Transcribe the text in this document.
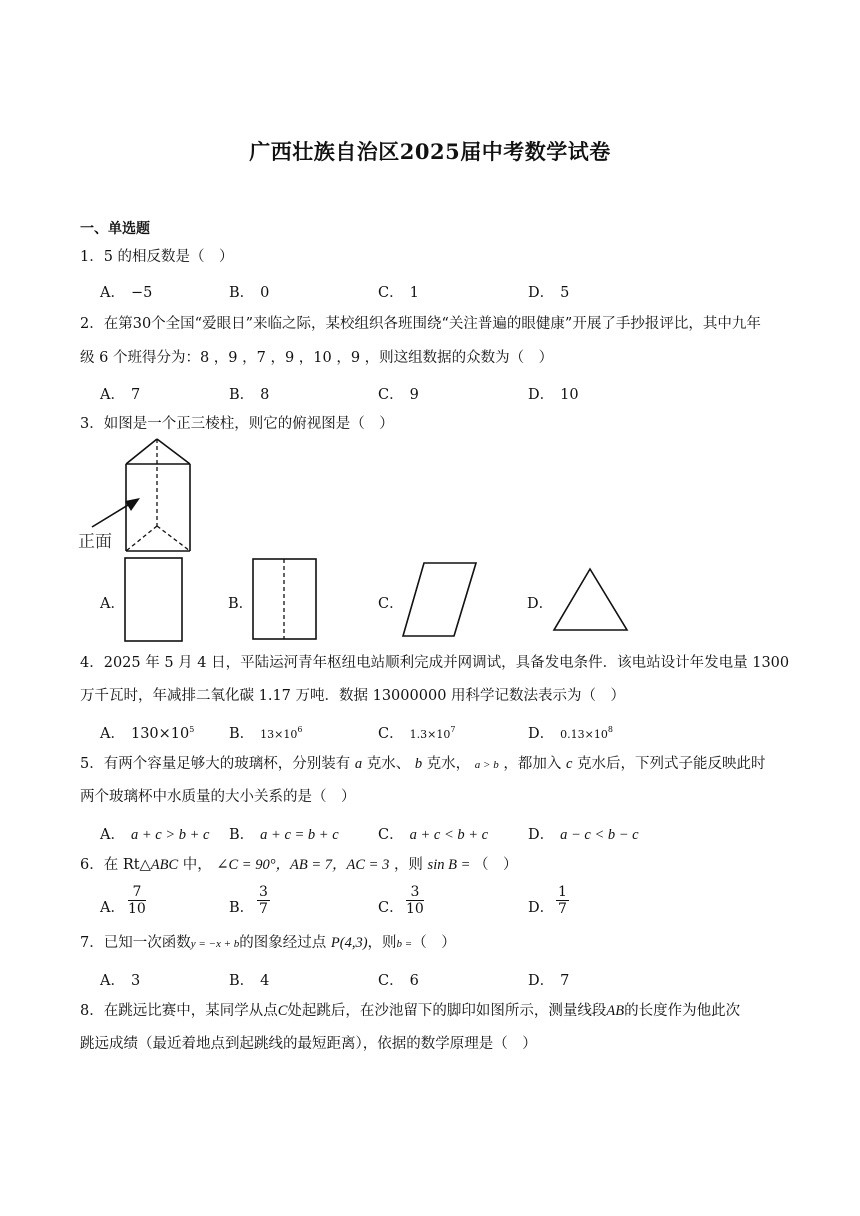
广西壮族自治区2025届中考数学试卷
一、单选题
1．5 的相反数是（　）
A． −5	B． 0	C． 1	D． 5
2．在第30个全国“爱眼日”来临之际，某校组织各班围绕“关注普遍的眼健康”开展了手抄报评比，其中九年
级 6 个班得分为：8 ，9 ，7 ，9 ，10 ，9 ，则这组数据的众数为（　）
A． 7	B． 8	C． 9	D． 10
3．如图是一个正三棱柱，则它的俯视图是（　）
正面
A．	B．	C．	D．
4．2025 年 5 月 4 日，平陆运河青年枢纽电站顺利完成并网调试，具备发电条件．该电站设计年发电量 1300
万千瓦时，年减排二氧化碳 1.17 万吨．数据 13000000 用科学记数法表示为（　）
A． $130\times 10^5$ B． $13\times 10^6$	C． $1.3\times 10^7$	D． $0.13\times 10^8$
5．有两个容量足够大的玻璃杯，分别装有 a 克水、 b 克水， a > b ，都加入 c 克水后，下列式子能反映此时
两个玻璃杯中水质量的大小关系的是（　）
A． a + c > b + c B． a + c = b + c	C． a + c < b + c	D． a − c < b − c
6．在 Rt△ABC 中， ∠C = 90°，AB = 7，AC = 3 ，则 sin B = （　）
A． $\frac{7}{10}$	B． $\frac{3}{7}$	C． $\frac{3}{10}$	D． $\frac{1}{7}$
7．已知一次函数y = −x + b的图象经过点 P(4,3)，则b =（　）
A． 3	B． 4	C． 6	D． 7
8．在跳远比赛中，某同学从点C处起跳后，在沙池留下的脚印如图所示，测量线段AB的长度作为他此次
跳远成绩（最近着地点到起跳线的最短距离），依据的数学原理是（　）
